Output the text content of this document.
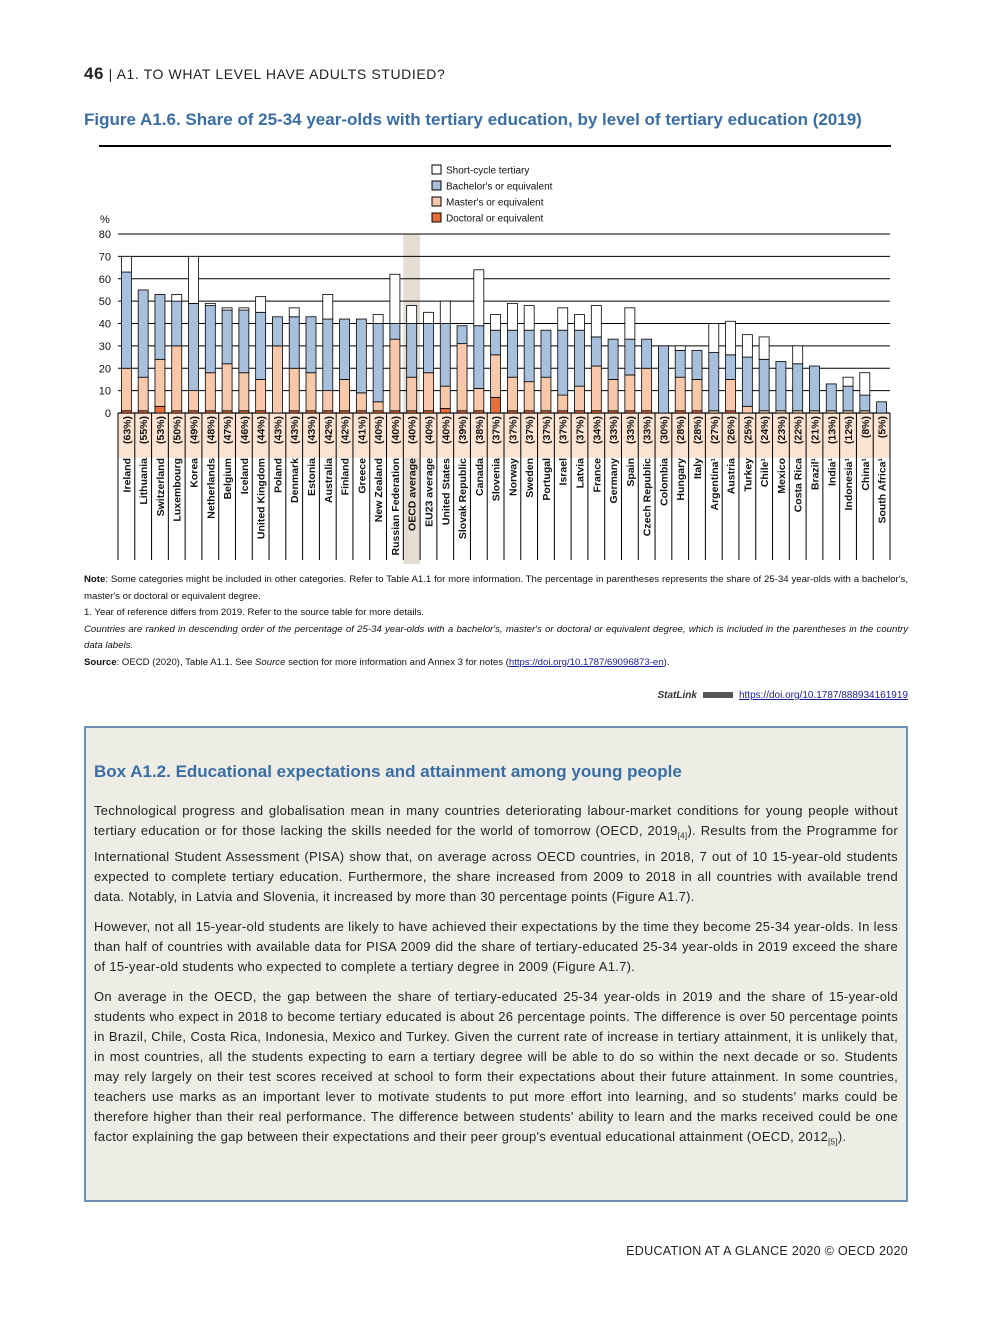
46 | A1. TO WHAT LEVEL HAVE ADULTS STUDIED?
Figure A1.6. Share of 25-34 year-olds with tertiary education, by level of tertiary education (2019)
0
10
20
30
40
50
60
70
80
%
Short-cycle tertiary
Bachelor's or equivalent
Master's or equivalent
Doctoral or equivalent
(63%)
Ireland
(55%)
Lithuania
(53%)
Switzerland
(50%)
Luxembourg
(49%)
Korea
(48%)
Netherlands
(47%)
Belgium
(46%)
Iceland
(44%)
United Kingdom
(43%)
Poland
(43%)
Denmark
(43%)
Estonia
(42%)
Australia
(42%)
Finland
(41%)
Greece
(40%)
New Zealand
(40%)
Russian Federation
(40%)
OECD average
(40%)
EU23 average
(40%)
United States
(39%)
Slovak Republic
(38%)
Canada
(37%)
Slovenia
(37%)
Norway
(37%)
Sweden
(37%)
Portugal
(37%)
Israel
(37%)
Latvia
(34%)
France
(33%)
Germany
(33%)
Spain
(33%)
Czech Republic
(30%)
Colombia
(28%)
Hungary
(28%)
Italy
(27%)
Argentina¹
(26%)
Austria
(25%)
Turkey
(24%)
Chile¹
(23%)
Mexico
(22%)
Costa Rica
(21%)
Brazil¹
(13%)
India¹
(12%)
Indonesia¹
(8%)
China¹
(5%)
South Africa¹

Note: Some categories might be included in other categories. Refer to Table A1.1 for more information. The percentage in parentheses represents the share of 25-34 year-olds with a bachelor's, master's or doctoral or equivalent degree.

1. Year of reference differs from 2019. Refer to the source table for more details.

Countries are ranked in descending order of the percentage of 25-34 year-olds with a bachelor's, master's or doctoral or equivalent degree, which is included in the parentheses in the country data labels.

Source: OECD (2020), Table A1.1. See Source section for more information and Annex 3 for notes (https://doi.org/10.1787/69096873-en).

StatLink	https://doi.org/10.1787/888934161919
Box A1.2. Educational expectations and attainment among young people

Technological progress and globalisation mean in many countries deteriorating labour-market conditions for young people without tertiary education or for those lacking the skills needed for the world of tomorrow (OECD, $2019_{[4]}$). Results from the Programme for International Student Assessment (PISA) show that, on average across OECD countries, in 2018, 7 out of 10 15-year-old students expected to complete tertiary education. Furthermore, the share increased from 2009 to 2018 in all countries with available trend data. Notably, in Latvia and Slovenia, it increased by more than 30 percentage points (Figure A1.7).

However, not all 15-year-old students are likely to have achieved their expectations by the time they become 25-34 year-olds. In less than half of countries with available data for PISA 2009 did the share of tertiary-educated 25-34 year-olds in 2019 exceed the share of 15-year-old students who expected to complete a tertiary degree in 2009 (Figure A1.7).

On average in the OECD, the gap between the share of tertiary-educated 25-34 year-olds in 2019 and the share of 15-year-old students who expect in 2018 to become tertiary educated is about 26 percentage points. The difference is over 50 percentage points in Brazil, Chile, Costa Rica, Indonesia, Mexico and Turkey. Given the current rate of increase in tertiary attainment, it is unlikely that, in most countries, all the students expecting to earn a tertiary degree will be able to do so within the next decade or so. Students may rely largely on their test scores received at school to form their expectations about their future attainment. In some countries, teachers use marks as an important lever to motivate students to put more effort into learning, and so students' marks could be therefore higher than their real performance. The difference between students' ability to learn and the marks received could be one factor explaining the gap between their expectations and their peer group's eventual educational attainment (OECD, $2012_{[5]}$).

EDUCATION AT A GLANCE 2020 © OECD 2020
